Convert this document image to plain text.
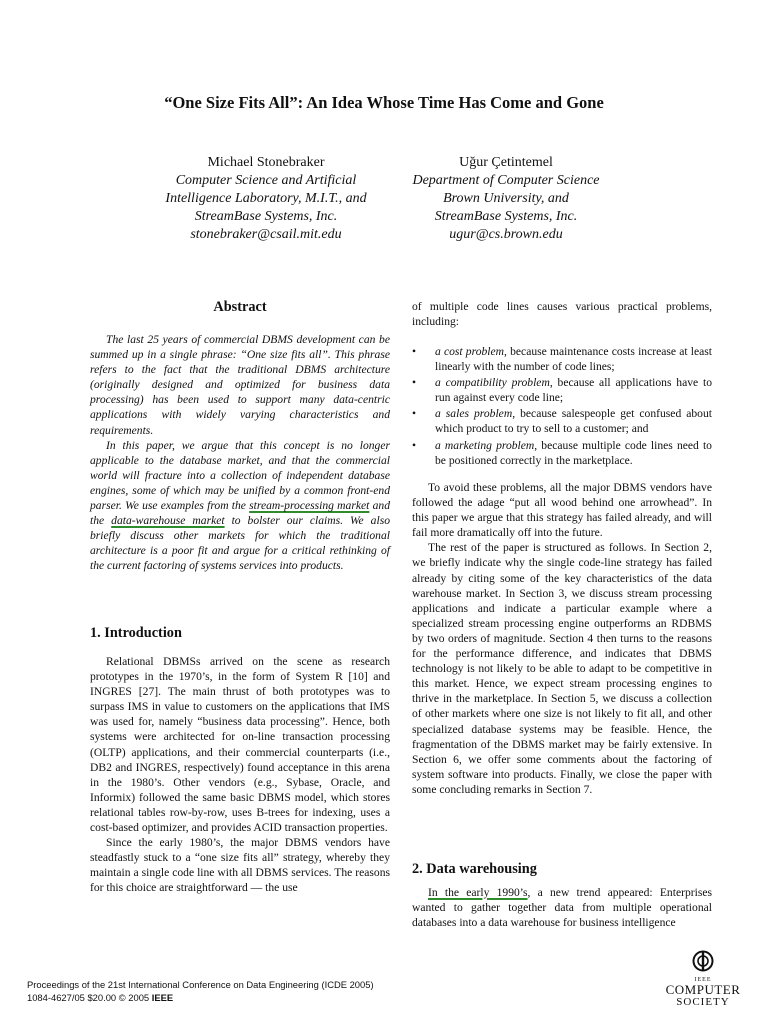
“One Size Fits All”: An Idea Whose Time Has Come and Gone
Michael Stonebraker
Computer Science and Artificial
Intelligence Laboratory, M.I.T., and
StreamBase Systems, Inc.
stonebraker@csail.mit.edu
Uğur Çetintemel
Department of Computer Science
Brown University, and
StreamBase Systems, Inc.
ugur@cs.brown.edu
Abstract

The last 25 years of commercial DBMS development can be summed up in a single phrase: “One size fits all”. This phrase refers to the fact that the traditional DBMS architecture (originally designed and optimized for business data processing) has been used to support many data-centric applications with widely varying characteristics and requirements.

In this paper, we argue that this concept is no longer applicable to the database market, and that the commercial world will fracture into a collection of independent database engines, some of which may be unified by a common front-end parser. We use examples from the stream-processing market and the data-warehouse market to bolster our claims. We also briefly discuss other markets for which the traditional architecture is a poor fit and argue for a critical rethinking of the current factoring of systems services into products.

1. Introduction

Relational DBMSs arrived on the scene as research prototypes in the 1970’s, in the form of System R [10] and INGRES [27]. The main thrust of both prototypes was to surpass IMS in value to customers on the applications that IMS was used for, namely “business data processing”. Hence, both systems were architected for on-line transaction processing (OLTP) applications, and their commercial counterparts (i.e., DB2 and INGRES, respectively) found acceptance in this arena in the 1980’s. Other vendors (e.g., Sybase, Oracle, and Informix) followed the same basic DBMS model, which stores relational tables row-by-row, uses B-trees for indexing, uses a cost-based optimizer, and provides ACID transaction properties.

Since the early 1980’s, the major DBMS vendors have steadfastly stuck to a “one size fits all” strategy, whereby they maintain a single code line with all DBMS services. The reasons for this choice are straightforward ― the use

of multiple code lines causes various practical problems, including:

• a cost problem, because maintenance costs increase at least linearly with the number of code lines;
• a compatibility problem, because all applications have to run against every code line;
• a sales problem, because salespeople get confused about which product to try to sell to a customer; and
• a marketing problem, because multiple code lines need to be positioned correctly in the marketplace.

To avoid these problems, all the major DBMS vendors have followed the adage “put all wood behind one arrowhead”. In this paper we argue that this strategy has failed already, and will fail more dramatically off into the future.

The rest of the paper is structured as follows. In Section 2, we briefly indicate why the single code-line strategy has failed already by citing some of the key characteristics of the data warehouse market. In Section 3, we discuss stream processing applications and indicate a particular example where a specialized stream processing engine outperforms an RDBMS by two orders of magnitude. Section 4 then turns to the reasons for the performance difference, and indicates that DBMS technology is not likely to be able to adapt to be competitive in this market. Hence, we expect stream processing engines to thrive in the marketplace. In Section 5, we discuss a collection of other markets where one size is not likely to fit all, and other specialized database systems may be feasible. Hence, the fragmentation of the DBMS market may be fairly extensive. In Section 6, we offer some comments about the factoring of system software into products. Finally, we close the paper with some concluding remarks in Section 7.

2. Data warehousing

In the early 1990’s, a new trend appeared: Enterprises wanted to gather together data from multiple operational databases into a data warehouse for business intelligence

Proceedings of the 21st International Conference on Data Engineering (ICDE 2005)
1084-4627/05 $20.00 © 2005 IEEE
IEEE
COMPUTER
SOCIETY
